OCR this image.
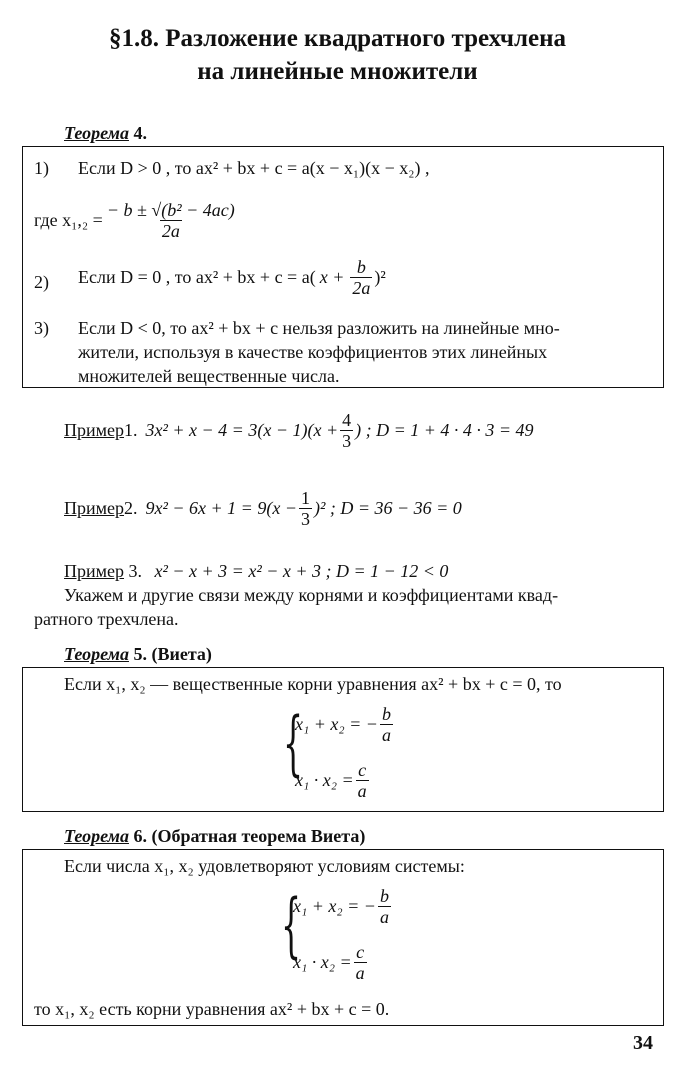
§1.8. Разложение квадратного трехчлена
на линейные множители
Теорема 4.
1) Если D > 0 , то ax² + bx + c = a(x − x₁)(x − x₂) ,
где $x_1,_2 = \frac{\text{− b ± √(b² − 4ac)}}{2a}$
2) Если D = 0 , то ax² + bx + c = a( $x + \frac{b}{2a} )^2$
3) Если D < 0, то ax² + bx + c нельзя разложить на линейные мно-
жители, используя в качестве коэффициентов этих линейных
множителей вещественные числа.
Пример 1. $3x^2 + x - 4 = 3(x - 1)(x + \frac{4}{3}$ ) ; D = 1 + 4 · 4 · 3 = 49
Пример 2. $9x^2 - 6x + 1 = 9(x - \frac{1}{3} )^2$ ; D = 36 − 36 = 0
Пример 3. x² − x + 3 = x² − x + 3 ; D = 1 − 12 < 0
Укажем и другие связи между корнями и коэффициентами квад-
ратного трехчлена.
Теорема 5. (Виета)
Если x₁, x₂ — вещественные корни уравнения ax² + bx + c = 0, то
{
x₁ + x₂ = − $\frac{b}{a}$
$x_1 \cdot x_2 = \frac{c}{a}$
Теорема 6. (Обратная теорема Виета)
Если числа x₁, x₂ удовлетворяют условиям системы:
{
x₁ + x₂ = − $\frac{b}{a}$
$x_1 \cdot x_2 = \frac{c}{a}$
то x₁, x₂ есть корни уравнения ax² + bx + c = 0.
34
